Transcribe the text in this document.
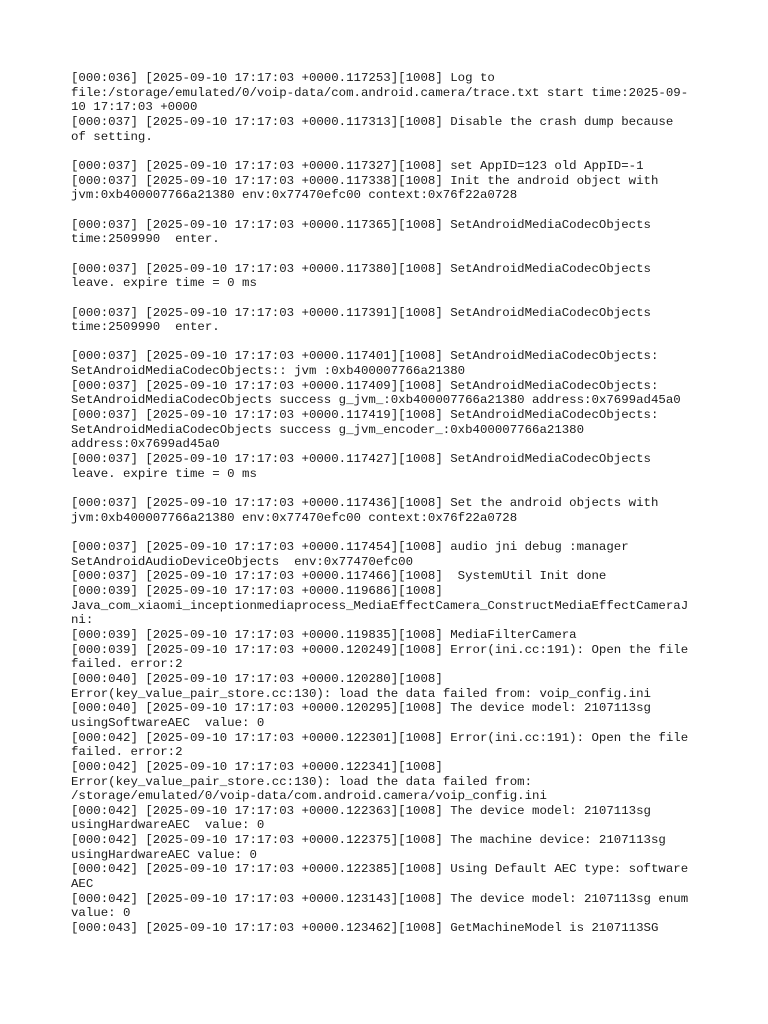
[000:036] [2025-09-10 17:17:03 +0000.117253][1008] Log to
file:/storage/emulated/0/voip-data/com.android.camera/trace.txt start time:2025-09-
10 17:17:03 +0000
[000:037] [2025-09-10 17:17:03 +0000.117313][1008] Disable the crash dump because
of setting.

[000:037] [2025-09-10 17:17:03 +0000.117327][1008] set AppID=123 old AppID=-1
[000:037] [2025-09-10 17:17:03 +0000.117338][1008] Init the android object with
jvm:0xb400007766a21380 env:0x77470efc00 context:0x76f22a0728

[000:037] [2025-09-10 17:17:03 +0000.117365][1008] SetAndroidMediaCodecObjects
time:2509990  enter.

[000:037] [2025-09-10 17:17:03 +0000.117380][1008] SetAndroidMediaCodecObjects
leave. expire time = 0 ms

[000:037] [2025-09-10 17:17:03 +0000.117391][1008] SetAndroidMediaCodecObjects
time:2509990  enter.

[000:037] [2025-09-10 17:17:03 +0000.117401][1008] SetAndroidMediaCodecObjects:
SetAndroidMediaCodecObjects:: jvm :0xb400007766a21380
[000:037] [2025-09-10 17:17:03 +0000.117409][1008] SetAndroidMediaCodecObjects:
SetAndroidMediaCodecObjects success g_jvm_:0xb400007766a21380 address:0x7699ad45a0
[000:037] [2025-09-10 17:17:03 +0000.117419][1008] SetAndroidMediaCodecObjects:
SetAndroidMediaCodecObjects success g_jvm_encoder_:0xb400007766a21380
address:0x7699ad45a0
[000:037] [2025-09-10 17:17:03 +0000.117427][1008] SetAndroidMediaCodecObjects
leave. expire time = 0 ms

[000:037] [2025-09-10 17:17:03 +0000.117436][1008] Set the android objects with
jvm:0xb400007766a21380 env:0x77470efc00 context:0x76f22a0728

[000:037] [2025-09-10 17:17:03 +0000.117454][1008] audio jni debug :manager
SetAndroidAudioDeviceObjects  env:0x77470efc00
[000:037] [2025-09-10 17:17:03 +0000.117466][1008]  SystemUtil Init done
[000:039] [2025-09-10 17:17:03 +0000.119686][1008]
Java_com_xiaomi_inceptionmediaprocess_MediaEffectCamera_ConstructMediaEffectCameraJ
ni:
[000:039] [2025-09-10 17:17:03 +0000.119835][1008] MediaFilterCamera
[000:039] [2025-09-10 17:17:03 +0000.120249][1008] Error(ini.cc:191): Open the file
failed. error:2
[000:040] [2025-09-10 17:17:03 +0000.120280][1008]
Error(key_value_pair_store.cc:130): load the data failed from: voip_config.ini
[000:040] [2025-09-10 17:17:03 +0000.120295][1008] The device model: 2107113sg
usingSoftwareAEC  value: 0
[000:042] [2025-09-10 17:17:03 +0000.122301][1008] Error(ini.cc:191): Open the file
failed. error:2
[000:042] [2025-09-10 17:17:03 +0000.122341][1008]
Error(key_value_pair_store.cc:130): load the data failed from:
/storage/emulated/0/voip-data/com.android.camera/voip_config.ini
[000:042] [2025-09-10 17:17:03 +0000.122363][1008] The device model: 2107113sg
usingHardwareAEC  value: 0
[000:042] [2025-09-10 17:17:03 +0000.122375][1008] The machine device: 2107113sg
usingHardwareAEC value: 0
[000:042] [2025-09-10 17:17:03 +0000.122385][1008] Using Default AEC type: software
AEC
[000:042] [2025-09-10 17:17:03 +0000.123143][1008] The device model: 2107113sg enum
value: 0
[000:043] [2025-09-10 17:17:03 +0000.123462][1008] GetMachineModel is 2107113SG
